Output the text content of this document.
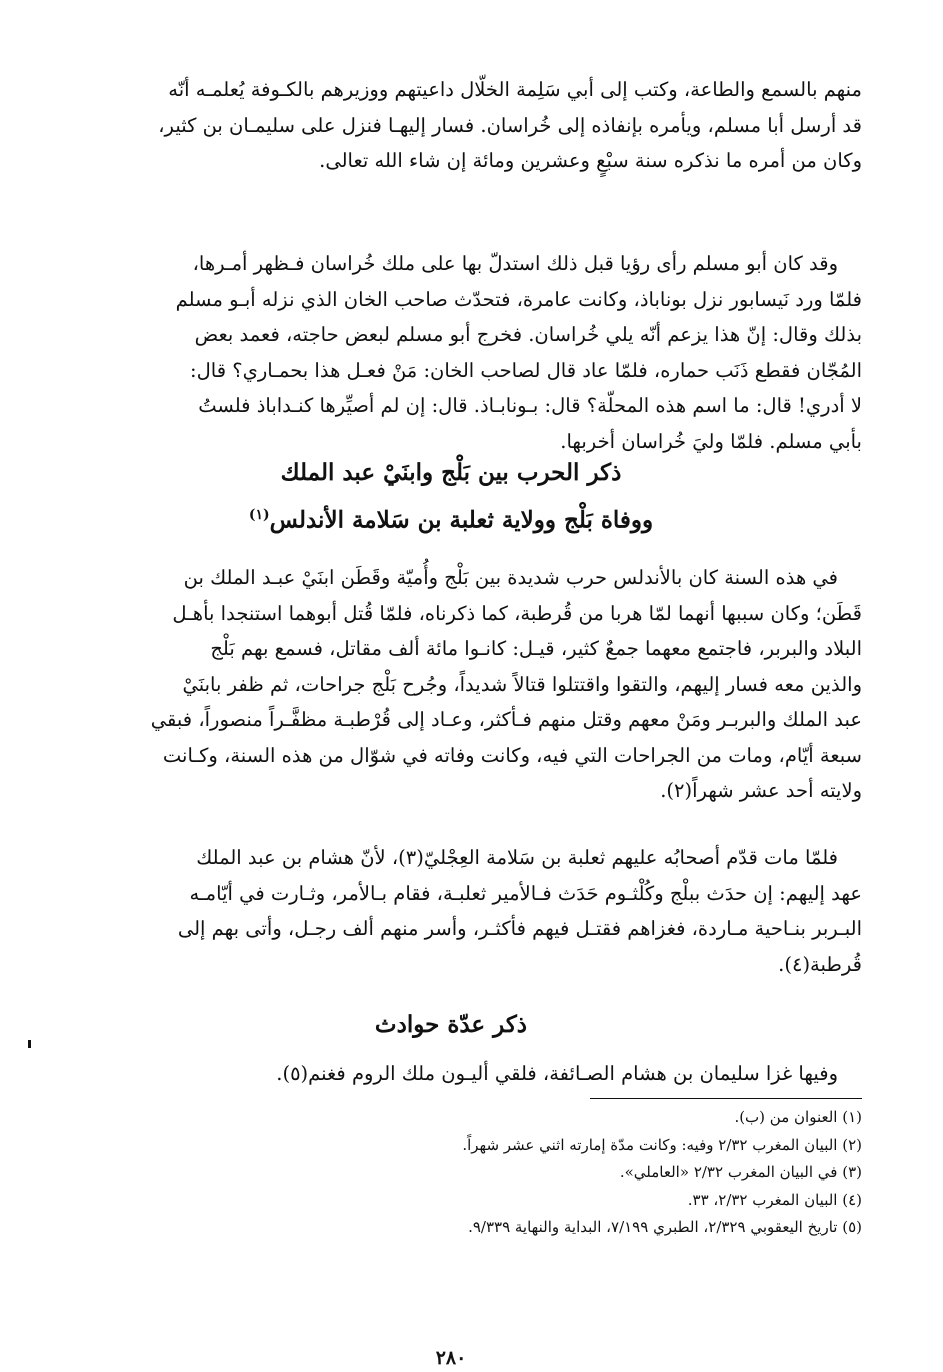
منهم بالسمع والطاعة، وكتب إلى أبي سَلِمة الخلّال داعيتهم ووزيرهم بالكـوفة يُعلمـه أنّه
قد أرسل أبا مسلم، ويأمره بإنفاذه إلى خُراسان. فسار إليهـا فنزل على سليمـان بن كثير،
وكان من أمره ما نذكره سنة سبْعٍ وعشرين ومائة إن شاء الله تعالى.

وقد كان أبو مسلم رأى رؤيا قبل ذلك استدلّ بها على ملك خُراسان فـظهر أمـرها،
فلمّا ورد نَيسابور نزل بوناباذ، وكانت عامرة، فتحدّث صاحب الخان الذي نزله أبـو مسلم
بذلك وقال: إنّ هذا يزعم أنّه يلي خُراسان. فخرج أبو مسلم لبعض حاجته، فعمد بعض
المُجّان فقطع ذَنَب حماره، فلمّا عاد قال لصاحب الخان: مَنْ فعـل هذا بحمـاري؟ قال:
لا أدري! قال: ما اسم هذه المحلّة؟ قال: بـونابـاذ. قال: إن لم أصيِّرها كنـداباذ فلستُ
بأبي مسلم. فلمّا وليَ خُراسان أخربها.

ذكر الحرب بين بَلْج وابنَيْ عبد الملك
ووفاة بَلْج وولاية ثعلبة بن سَلامة الأندلس$^{(١)}$

في هذه السنة كان بالأندلس حرب شديدة بين بَلْج وأُميّة وقَطَن ابنَيْ عبـد الملك بن
قَطَن؛ وكان سببها أنهما لمّا هربا من قُرطبة، كما ذكرناه، فلمّا قُتل أبوهما استنجدا بأهـل
البلاد والبربر، فاجتمع معهما جمعٌ كثير، قيـل: كانـوا مائة ألف مقاتل، فسمع بهم بَلْج
والذين معه فسار إليهم، والتقوا واقتتلوا قتالاً شديداً، وجُرح بَلْج جراحات، ثم ظفر بابنَيْ
عبد الملك والبربـر ومَنْ معهم وقتل منهم فـأكثر، وعـاد إلى قُرْطبـة مظفَّـراً منصوراً، فبقي
سبعة أيّام، ومات من الجراحات التي فيه، وكانت وفاته في شوّال من هذه السنة، وكـانت
ولايته أحد عشر شهراً(٢).

فلمّا مات قدّم أصحابُه عليهم ثعلبة بن سَلامة العِجْليّ(٣)، لأنّ هشام بن عبد الملك
عهد إليهم: إن حدَث ببلْج وكُلْثـوم حَدَث فـالأمير ثعلبـة، فقام بـالأمر، وثـارت في أيّامـه
البـربر بنـاحية مـاردة، فغزاهم فقتـل فيهم فأكثـر، وأسر منهم ألف رجـل، وأتى بهم إلى
قُرطبة(٤).

ذكر عدّة حوادث

وفيها غزا سليمان بن هشام الصـائفة، فلقي أليـون ملك الروم فغنم(٥).

(١) العنوان من (ب).
(٢) البيان المغرب ٢/٣٢ وفيه: وكانت مدّة إمارته اثني عشر شهراً.
(٣) في البيان المغرب ٢/٣٢ «العاملي».
(٤) البيان المغرب ٢/٣٢، ٣٣.
(٥) تاريخ اليعقوبي ٢/٣٢٩، الطبري ٧/١٩٩، البداية والنهاية ٩/٣٣٩.
٢٨٠
